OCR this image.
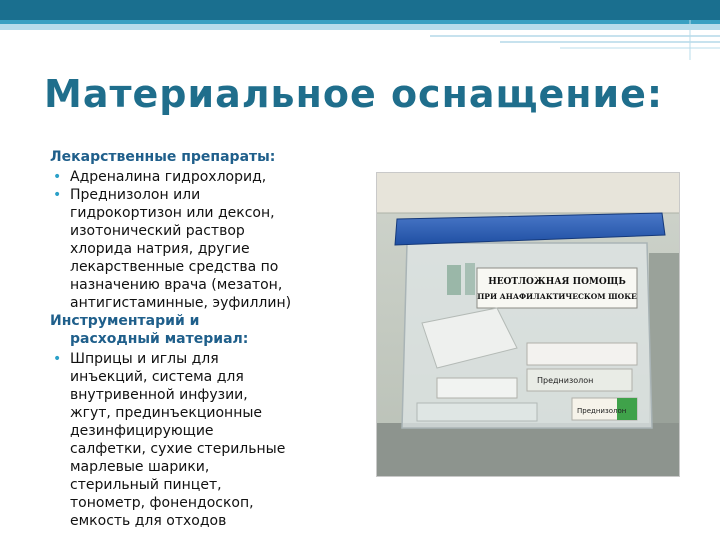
Материальное оснащение:
Лекарственные препараты:
• Адреналина гидрохлорид,
• Преднизолон или
гидрокортизон или дексон,
изотонический раствор
хлорида натрия, другие
лекарственные средства по
назначению врача (мезатон,
антигистаминные, эуфиллин)
Инструментарий и
расходный материал:
• Шприцы и иглы для
инъекций, система для
внутривенной инфузии,
жгут, прединъекционные
дезинфицирующие
салфетки, сухие стерильные
марлевые шарики,
стерильный пинцет,
тонометр, фонендоскоп,
емкость для отходов
НЕОТЛОЖНАЯ ПОМОЩЬ
ПРИ АНАФИЛАКТИЧЕСКОМ ШОКЕ
Преднизолон
Преднизолон
